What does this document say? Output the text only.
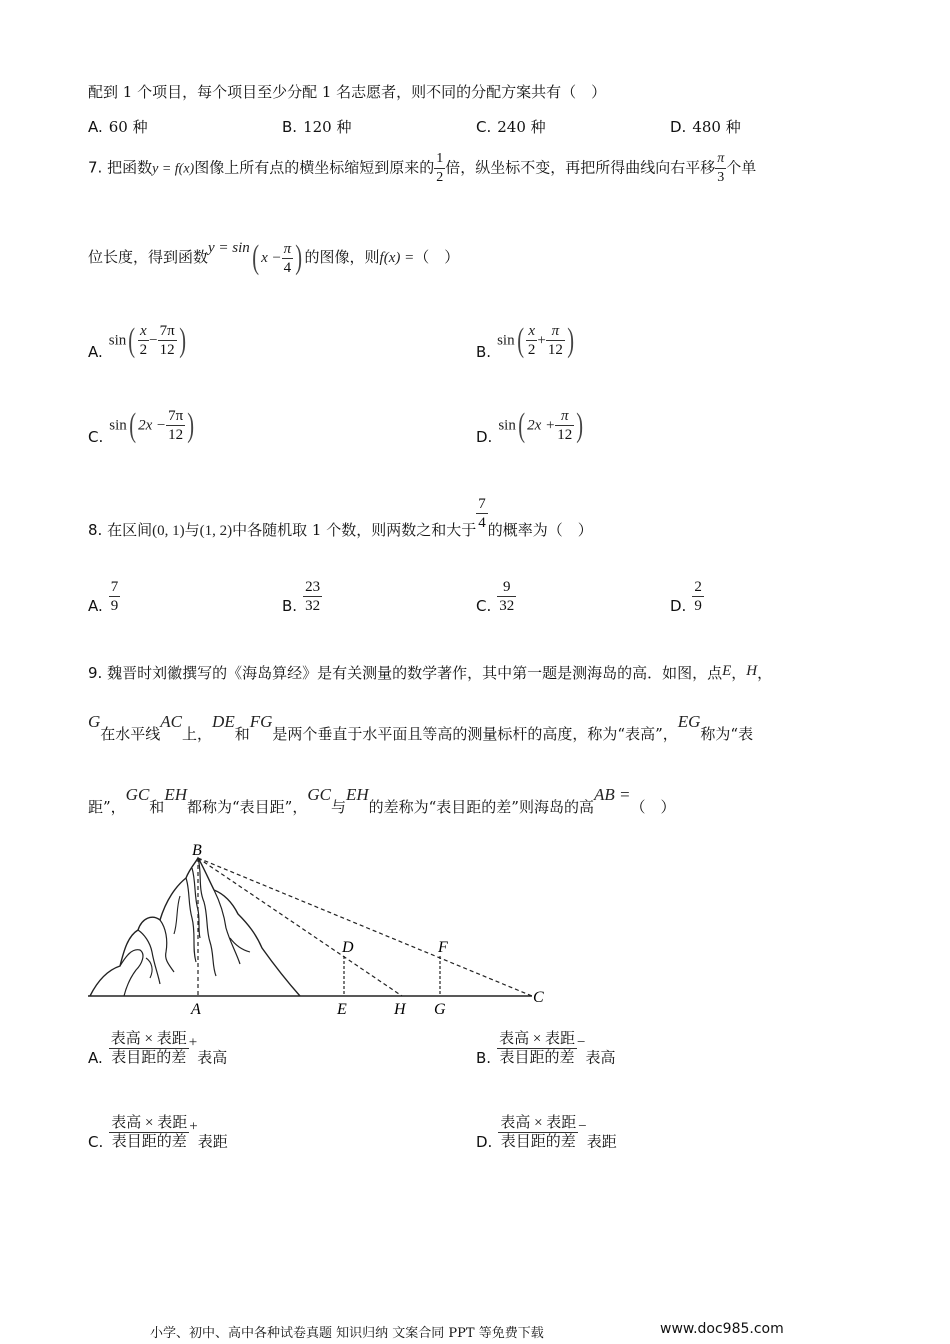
配到 1 个项目，每个项目至少分配 1 名志愿者，则不同的分配方案共有（　）
A. 60 种	B. 120 种	C. 240 种	D. 480 种
7. 把函数y = f(x)图像上所有点的横坐标缩短到原来的 $\frac{1}{2}$ 倍，纵坐标不变，再把所得曲线向右平移 $\frac{\pi}{3}$ 个单
位长度，得到函数y = sin( $x - \frac{\pi}{4}$ ) 的图像，则f(x) =（　）
$A.\sin( \frac{x}{2} - \frac{7\pi}{12}$ )	$B.\sin( \frac{x}{2} + \frac{\pi}{12}$ )
C.sin( $2x - \frac{7\pi}{12}$ )	D.sin( $2x + \frac{\pi}{12}$ )
8. 在区间(0, 1)与(1, 2)中各随机取 1 个数，则两数之和大于 $\frac{7}{4}$ 的概率为（　）
A. $\frac{7}{9}$	B. $\frac{23}{32}$	C. $\frac{9}{32}$	D. $\frac{2}{9}$
9. 魏晋时刘徽撰写的《海岛算经》是有关测量的数学著作，其中第一题是测海岛的高．如图，点E，H，
G在水平线AC上，DE和FG是两个垂直于水平面且等高的测量标杆的高度，称为“表高”，EG称为“表
距”，GC和EH都称为“表目距”，GC与EH的差称为“表目距的差”则海岛的高AB =（　）
B
D	F
A	E	H G
C
A. $\frac{\text{表高 × 表距}}{\text{表目距的差}}$ +表高	B. $\frac{\text{表高 × 表距}}{\text{表目距的差}}$ −表高
C. $\frac{\text{表高 × 表距}}{\text{表目距的差}}$ +表距	D. $\frac{\text{表高 × 表距}}{\text{表目距的差}}$ −表距
小学、初中、高中各种试卷真题 知识归纳 文案合同 PPT 等免费下载	www.doc985.com
